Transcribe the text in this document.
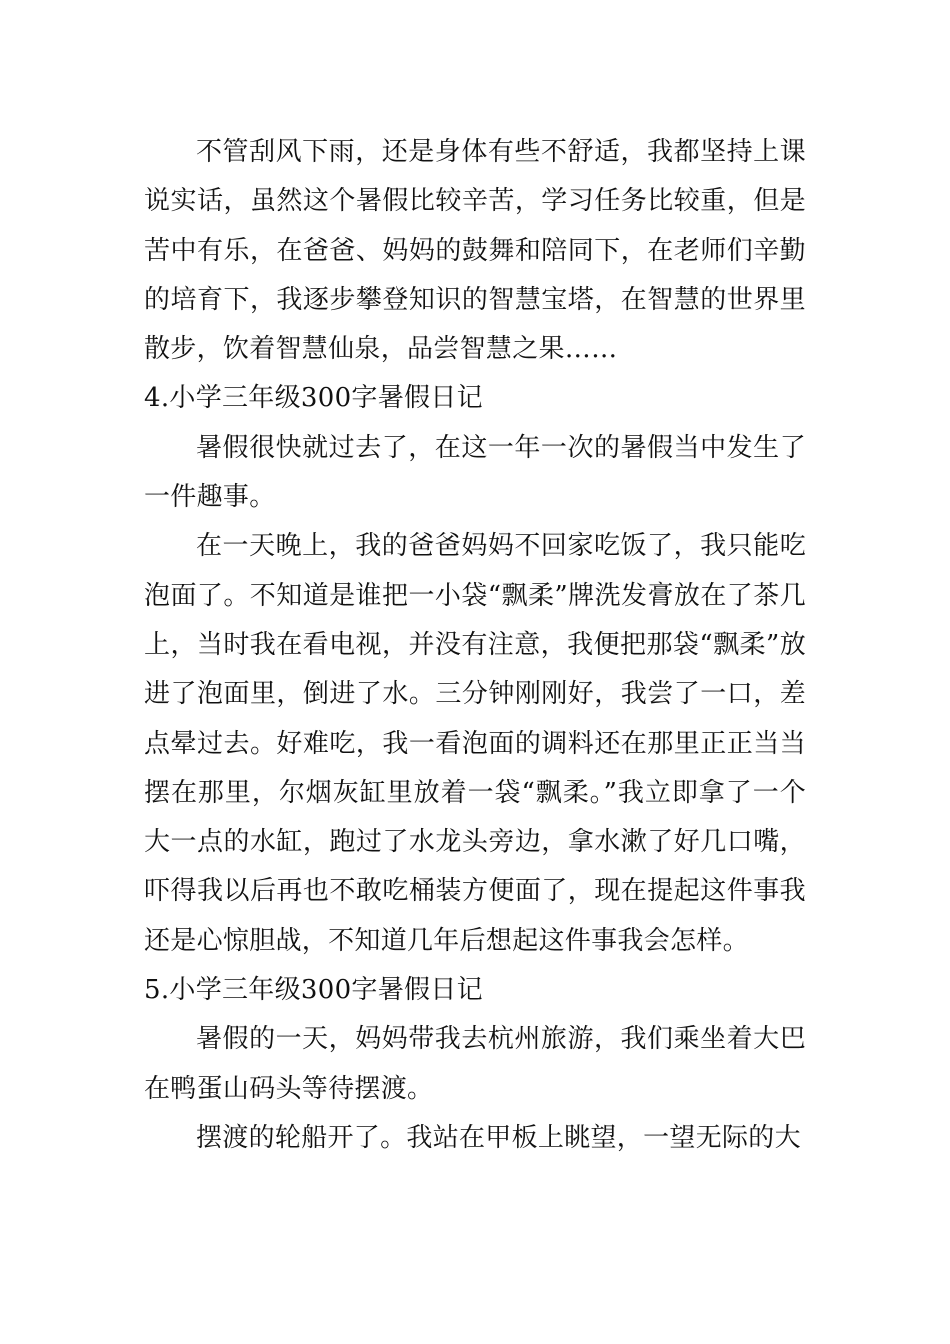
不管刮风下雨，还是身体有些不舒适，我都坚持上课说实话，虽然这个暑假比较辛苦，学习任务比较重，但是苦中有乐，在爸爸、妈妈的鼓舞和陪同下，在老师们辛勤的培育下，我逐步攀登知识的智慧宝塔，在智慧的世界里散步，饮着智慧仙泉，品尝智慧之果……

4.小学三年级300字暑假日记

暑假很快就过去了，在这一年一次的暑假当中发生了一件趣事。

在一天晚上，我的爸爸妈妈不回家吃饭了，我只能吃泡面了。不知道是谁把一小袋“飘柔”牌洗发膏放在了茶几上，当时我在看电视，并没有注意，我便把那袋“飘柔”放进了泡面里，倒进了水。三分钟刚刚好，我尝了一口，差点晕过去。好难吃，我一看泡面的调料还在那里正正当当摆在那里，尔烟灰缸里放着一袋“飘柔。”我立即拿了一个大一点的水缸，跑过了水龙头旁边，拿水漱了好几口嘴，吓得我以后再也不敢吃桶装方便面了，现在提起这件事我还是心惊胆战，不知道几年后想起这件事我会怎样。

5.小学三年级300字暑假日记

暑假的一天，妈妈带我去杭州旅游，我们乘坐着大巴在鸭蛋山码头等待摆渡。

摆渡的轮船开了。我站在甲板上眺望，一望无际的大
